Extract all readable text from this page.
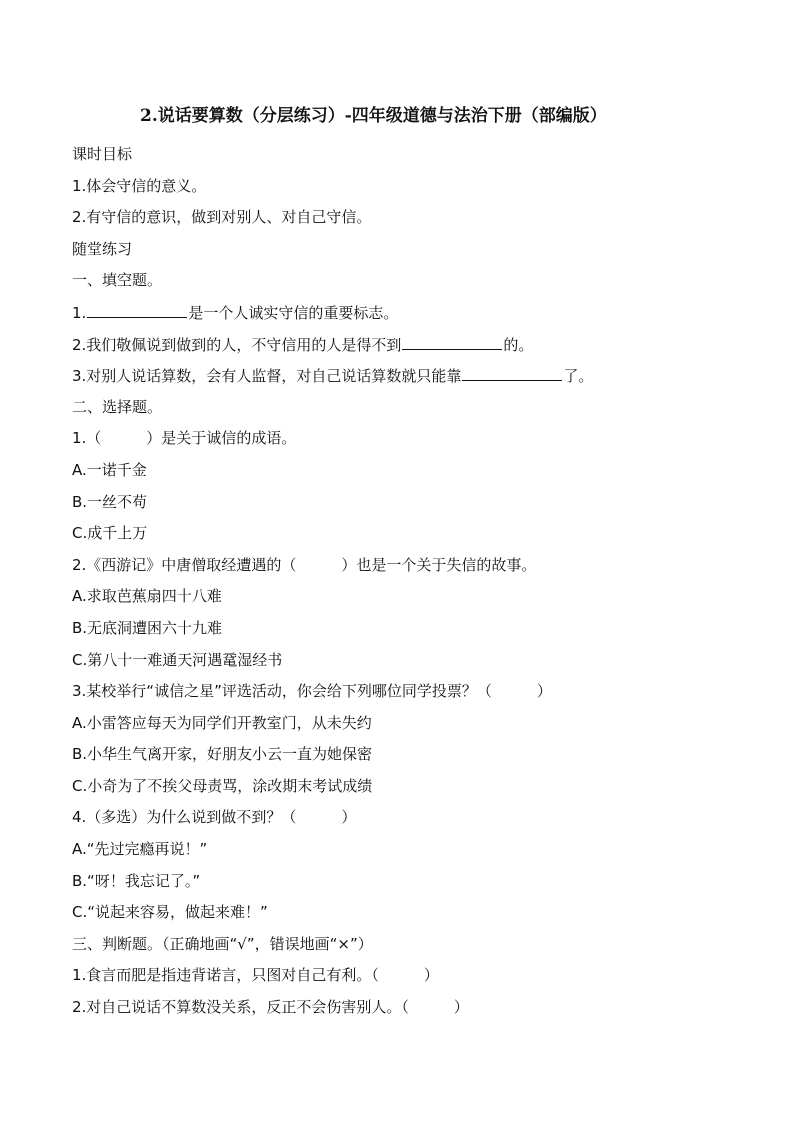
2.说话要算数（分层练习）-四年级道德与法治下册（部编版）
课时目标
1.体会守信的意义。
2.有守信的意识，做到对别人、对自己守信。
随堂练习
一、填空题。
1.	是一个人诚实守信的重要标志。
2.我们敬佩说到做到的人，不守信用的人是得不到	的。
3.对别人说话算数，会有人监督，对自己说话算数就只能靠	了。
二、选择题。
1.（　　　）是关于诚信的成语。
A.一诺千金
B.一丝不苟
C.成千上万
2.《西游记》中唐僧取经遭遇的（　　　）也是一个关于失信的故事。
A.求取芭蕉扇四十八难
B.无底洞遭困六十九难
C.第八十一难通天河遇鼋湿经书
3.某校举行“诚信之星”评选活动，你会给下列哪位同学投票？（　　　）
A.小雷答应每天为同学们开教室门，从未失约
B.小华生气离开家，好朋友小云一直为她保密
C.小奇为了不挨父母责骂，涂改期末考试成绩
4.（多选）为什么说到做不到？（　　　）
A.“先过完瘾再说！”
B.“呀！我忘记了。”
C.“说起来容易，做起来难！”
三、判断题。（正确地画“√”，错误地画“×”）
1.食言而肥是指违背诺言，只图对自己有利。（　　　）
2.对自己说话不算数没关系，反正不会伤害别人。（　　　）
